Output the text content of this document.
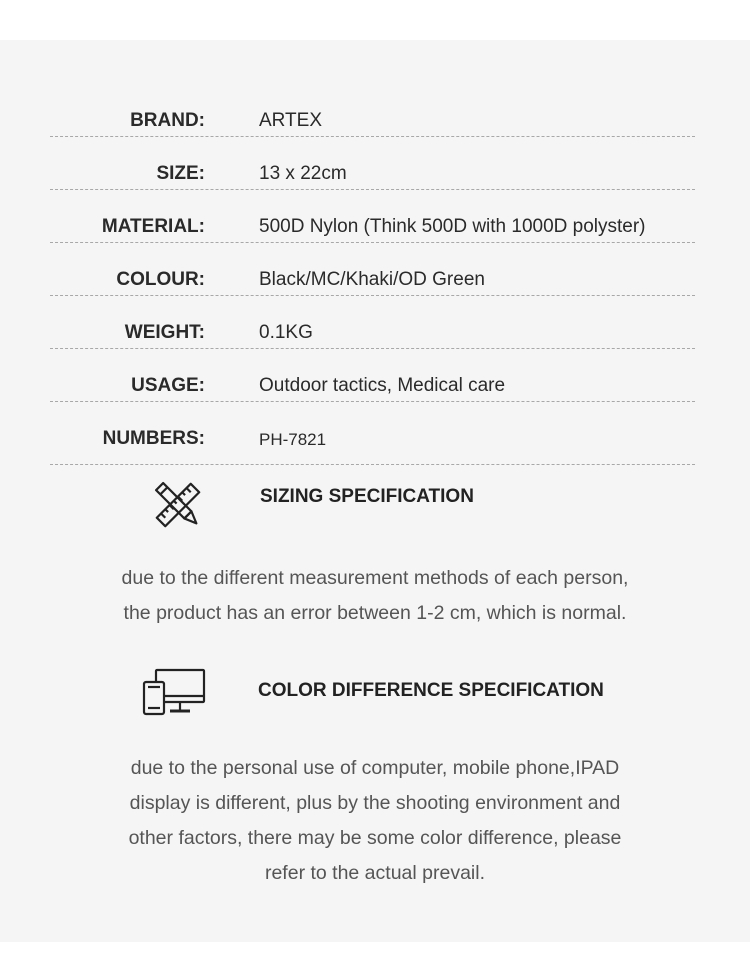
BRAND:	ARTEX
SIZE:	13 x 22cm
MATERIAL:	500D Nylon (Think 500D with 1000D polyster)
COLOUR:	Black/MC/Khaki/OD Green
WEIGHT:	0.1KG
USAGE:	Outdoor tactics, Medical care
NUMBERS:	PH-7821
SIZING SPECIFICATION
due to the different measurement methods of each person,
the product has an error between 1-2 cm, which is normal.
COLOR DIFFERENCE SPECIFICATION
due to the personal use of computer, mobile phone,IPAD
display is different, plus by the shooting environment and
other factors, there may be some color difference, please
refer to the actual prevail.
